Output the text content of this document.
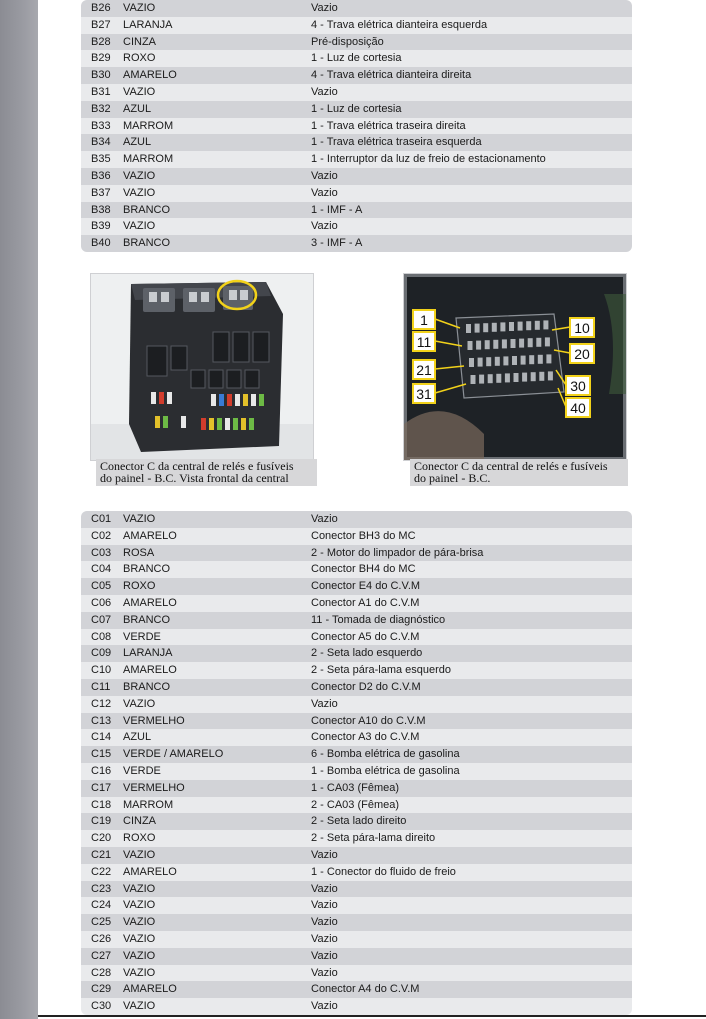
B26	VAZIO	Vazio
B27	LARANJA	4 - Trava elétrica dianteira esquerda
B28	CINZA	Pré-disposição
B29	ROXO	1 - Luz de cortesia
B30	AMARELO	4 - Trava elétrica dianteira direita
B31	VAZIO	Vazio
B32	AZUL	1 - Luz de cortesia
B33	MARROM	1 - Trava elétrica traseira direita
B34	AZUL	1 - Trava elétrica traseira esquerda
B35	MARROM	1 - Interruptor da luz de freio de estacionamento
B36	VAZIO	Vazio
B37	VAZIO	Vazio
B38	BRANCO	1 - IMF - A
B39	VAZIO	Vazio
B40	BRANCO	3 - IMF - A
Conector C da central de relés e fusíveis
do painel - B.C. Vista frontal da central
1
11
21
31
10
20
30
40
Conector C da central de relés e fusíveis
do painel - B.C.
C01	VAZIO	Vazio
C02	AMARELO	Conector BH3 do MC
C03	ROSA	2 - Motor do limpador de pára-brisa
C04	BRANCO	Conector BH4 do MC
C05	ROXO	Conector E4 do C.V.M
C06	AMARELO	Conector A1 do C.V.M
C07	BRANCO	11 - Tomada de diagnóstico
C08	VERDE	Conector A5 do C.V.M
C09	LARANJA	2 - Seta lado esquerdo
C10	AMARELO	2 - Seta pára-lama esquerdo
C11	BRANCO	Conector D2 do C.V.M
C12	VAZIO	Vazio
C13	VERMELHO	Conector A10 do C.V.M
C14	AZUL	Conector A3 do C.V.M
C15	VERDE / AMARELO	6 - Bomba elétrica de gasolina
C16	VERDE	1 - Bomba elétrica de gasolina
C17	VERMELHO	1 - CA03 (Fêmea)
C18	MARROM	2 - CA03 (Fêmea)
C19	CINZA	2 - Seta lado direito
C20	ROXO	2 - Seta pára-lama direito
C21	VAZIO	Vazio
C22	AMARELO	1 - Conector do fluido de freio
C23	VAZIO	Vazio
C24	VAZIO	Vazio
C25	VAZIO	Vazio
C26	VAZIO	Vazio
C27	VAZIO	Vazio
C28	VAZIO	Vazio
C29	AMARELO	Conector A4 do C.V.M
C30	VAZIO	Vazio
